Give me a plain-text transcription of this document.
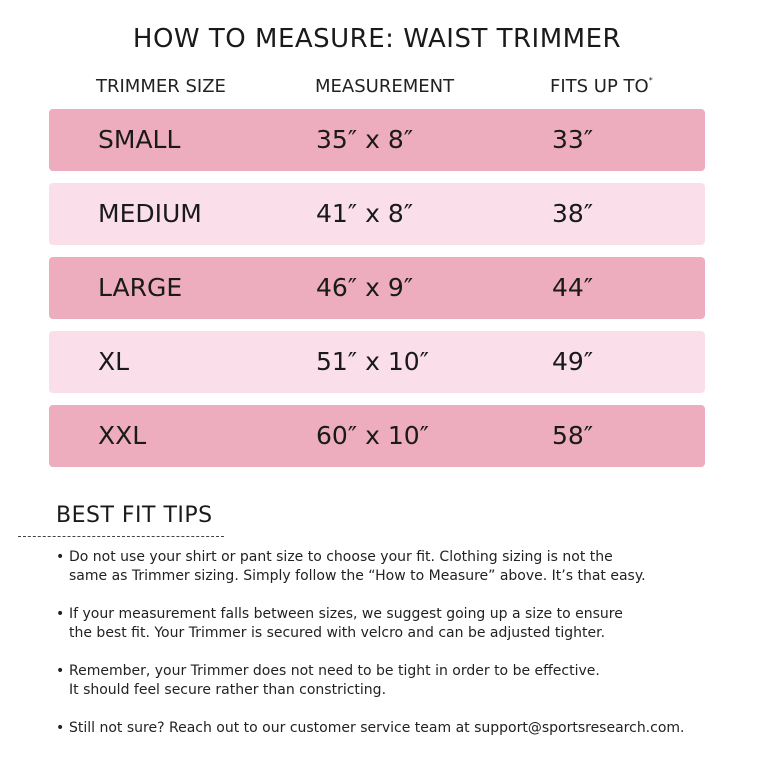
HOW TO MEASURE: WAIST TRIMMER
TRIMMER SIZE	MEASUREMENT	FITS UP TO*
SMALL	35″ x 8″	33″
MEDIUM	41″ x 8″	38″
LARGE	46″ x 9″	44″
XL	51″ x 10″	49″
XXL	60″ x 10″	58″
BEST FIT TIPS
• Do not use your shirt or pant size to choose your fit. Clothing sizing is not the
same as Trimmer sizing. Simply follow the “How to Measure” above. It’s that easy.
• If your measurement falls between sizes, we suggest going up a size to ensure
the best fit. Your Trimmer is secured with velcro and can be adjusted tighter.
• Remember, your Trimmer does not need to be tight in order to be effective.
It should feel secure rather than constricting.
• Still not sure? Reach out to our customer service team at support@sportsresearch.com.
